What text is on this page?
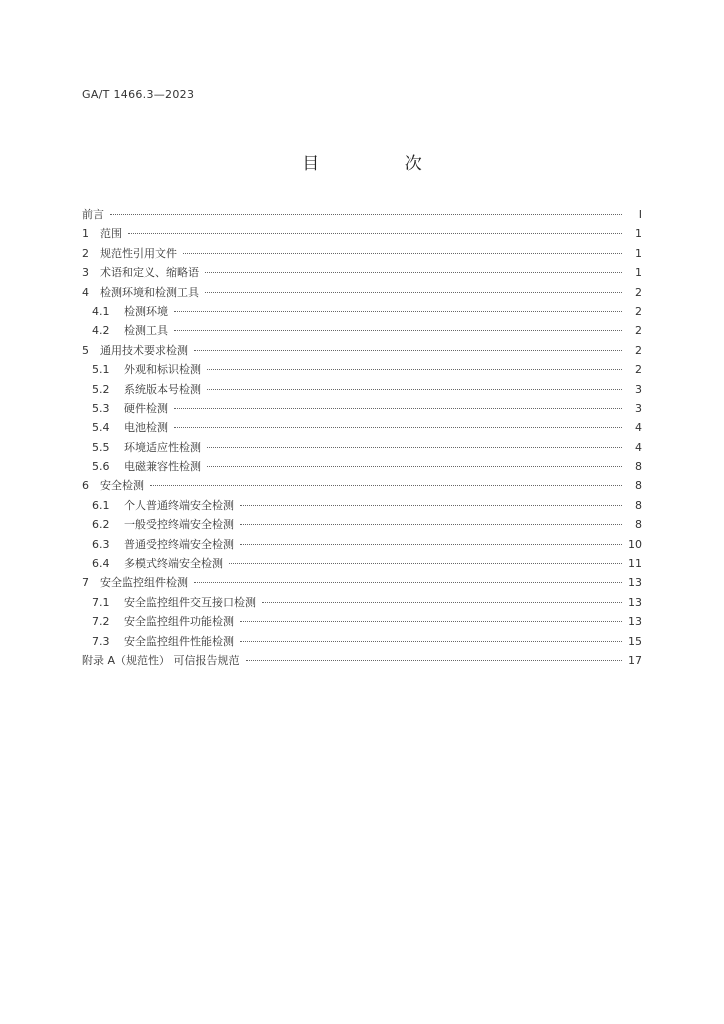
GA/T 1466.3—2023
目 次
前言	I
1	范围	1
2	规范性引用文件	1
3	术语和定义、缩略语	1
4	检测环境和检测工具	2
4.1	检测环境	2
4.2	检测工具	2
5	通用技术要求检测	2
5.1	外观和标识检测	2
5.2	系统版本号检测	3
5.3	硬件检测	3
5.4	电池检测	4
5.5	环境适应性检测	4
5.6	电磁兼容性检测	8
6	安全检测	8
6.1	个人普通终端安全检测	8
6.2	一般受控终端安全检测	8
6.3	普通受控终端安全检测	10
6.4	多模式终端安全检测	11
7	安全监控组件检测	13
7.1	安全监控组件交互接口检测	13
7.2	安全监控组件功能检测	13
7.3	安全监控组件性能检测	15
附录 A（规范性） 可信报告规范	17
